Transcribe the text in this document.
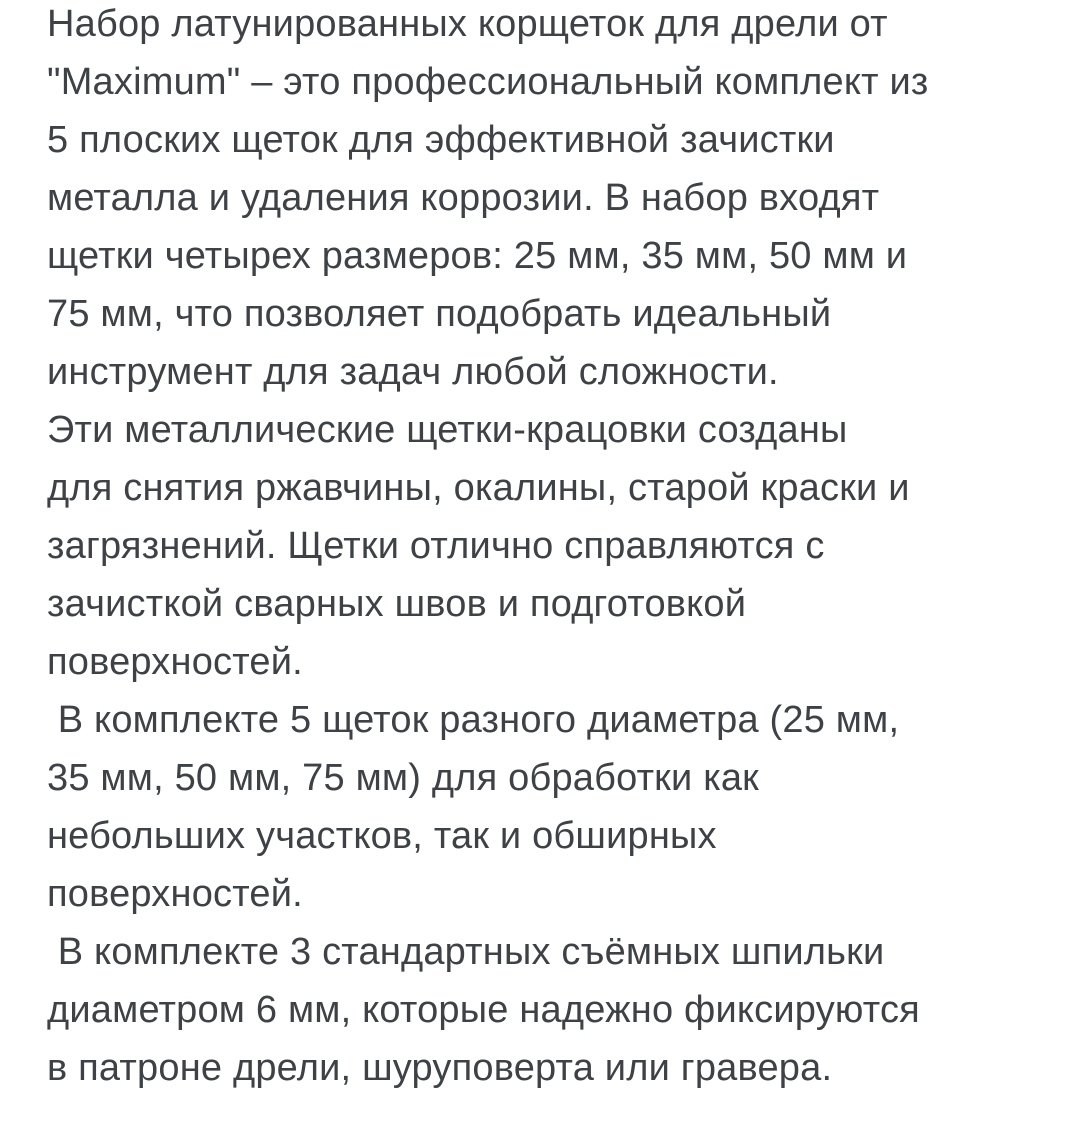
Набор латунированных корщеток для дрели от
"Maximum" – это профессиональный комплект из
5 плоских щеток для эффективной зачистки
металла и удаления коррозии. В набор входят
щетки четырех размеров: 25 мм, 35 мм, 50 мм и
75 мм, что позволяет подобрать идеальный
инструмент для задач любой сложности.

Эти металлические щетки-крацовки созданы
для снятия ржавчины, окалины, старой краски и
загрязнений. Щетки отлично справляются с
зачисткой сварных швов и подготовкой
поверхностей.

В комплекте 5 щеток разного диаметра (25 мм,
35 мм, 50 мм, 75 мм) для обработки как
небольших участков, так и обширных
поверхностей.

В комплекте 3 стандартных съёмных шпильки
диаметром 6 мм, которые надежно фиксируются
в патроне дрели, шуруповерта или гравера.
